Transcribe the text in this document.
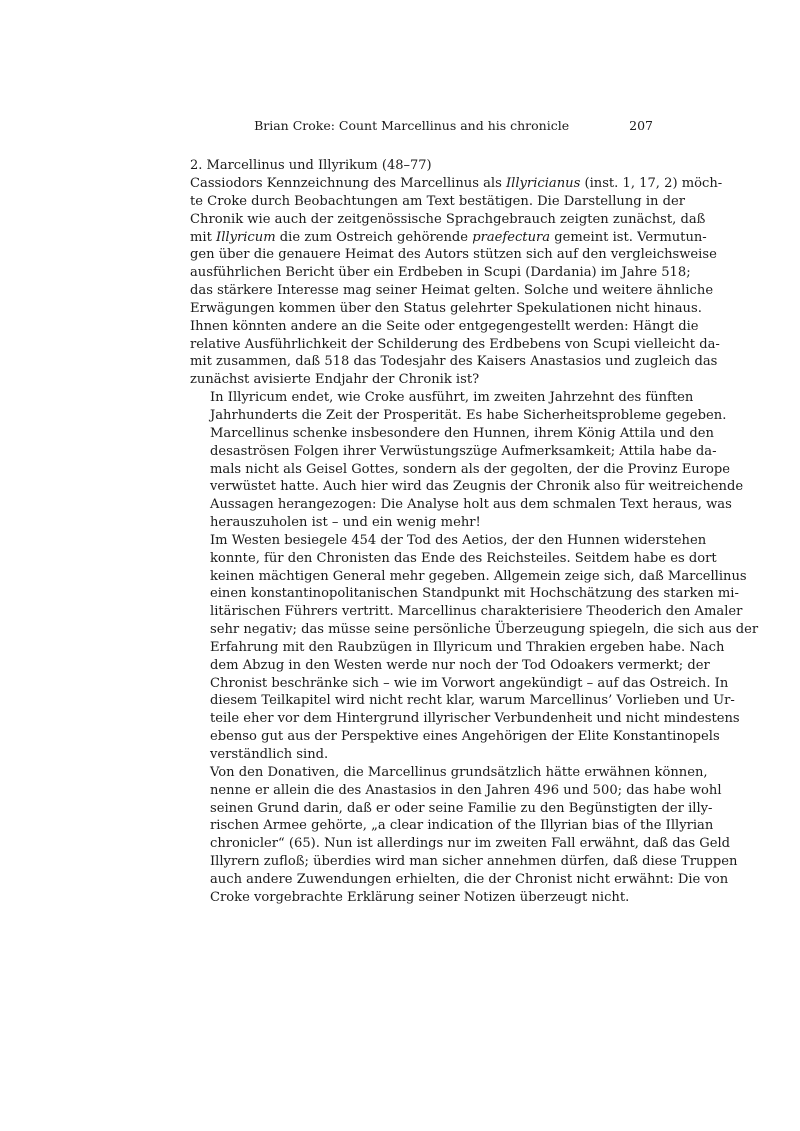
Brian Croke: Count Marcellinus and his chronicle	207

2. Marcellinus und Illyrikum (48–77)

Cassiodors Kennzeichnung des Marcellinus als Illyricianus (inst. 1, 17, 2) möch-
te Croke durch Beobachtungen am Text bestätigen. Die Darstellung in der
Chronik wie auch der zeitgenössische Sprachgebrauch zeigten zunächst, daß
mit Illyricum die zum Ostreich gehörende praefectura gemeint ist. Vermutun-
gen über die genauere Heimat des Autors stützen sich auf den vergleichsweise
ausführlichen Bericht über ein Erdbeben in Scupi (Dardania) im Jahre 518;
das stärkere Interesse mag seiner Heimat gelten. Solche und weitere ähnliche
Erwägungen kommen über den Status gelehrter Spekulationen nicht hinaus.
Ihnen könnten andere an die Seite oder entgegengestellt werden: Hängt die
relative Ausführlichkeit der Schilderung des Erdbebens von Scupi vielleicht da-
mit zusammen, daß 518 das Todesjahr des Kaisers Anastasios und zugleich das
zunächst avisierte Endjahr der Chronik ist?

In Illyricum endet, wie Croke ausführt, im zweiten Jahrzehnt des fünften
Jahrhunderts die Zeit der Prosperität. Es habe Sicherheitsprobleme gegeben.
Marcellinus schenke insbesondere den Hunnen, ihrem König Attila und den
desaströsen Folgen ihrer Verwüstungszüge Aufmerksamkeit; Attila habe da-
mals nicht als Geisel Gottes, sondern als der gegolten, der die Provinz Europe
verwüstet hatte. Auch hier wird das Zeugnis der Chronik also für weitreichende
Aussagen herangezogen: Die Analyse holt aus dem schmalen Text heraus, was
herauszuholen ist – und ein wenig mehr!

Im Westen besiegele 454 der Tod des Aetios, der den Hunnen widerstehen
konnte, für den Chronisten das Ende des Reichsteiles. Seitdem habe es dort
keinen mächtigen General mehr gegeben. Allgemein zeige sich, daß Marcellinus
einen konstantinopolitanischen Standpunkt mit Hochschätzung des starken mi-
litärischen Führers vertritt. Marcellinus charakterisiere Theoderich den Amaler
sehr negativ; das müsse seine persönliche Überzeugung spiegeln, die sich aus der
Erfahrung mit den Raubzügen in Illyricum und Thrakien ergeben habe. Nach
dem Abzug in den Westen werde nur noch der Tod Odoakers vermerkt; der
Chronist beschränke sich – wie im Vorwort angekündigt – auf das Ostreich. In
diesem Teilkapitel wird nicht recht klar, warum Marcellinus’ Vorlieben und Ur-
teile eher vor dem Hintergrund illyrischer Verbundenheit und nicht mindestens
ebenso gut aus der Perspektive eines Angehörigen der Elite Konstantinopels
verständlich sind.

Von den Donativen, die Marcellinus grundsätzlich hätte erwähnen können,
nenne er allein die des Anastasios in den Jahren 496 und 500; das habe wohl
seinen Grund darin, daß er oder seine Familie zu den Begünstigten der illy-
rischen Armee gehörte, „a clear indication of the Illyrian bias of the Illyrian
chronicler“ (65). Nun ist allerdings nur im zweiten Fall erwähnt, daß das Geld
Illyrern zufloß; überdies wird man sicher annehmen dürfen, daß diese Truppen
auch andere Zuwendungen erhielten, die der Chronist nicht erwähnt: Die von
Croke vorgebrachte Erklärung seiner Notizen überzeugt nicht.
